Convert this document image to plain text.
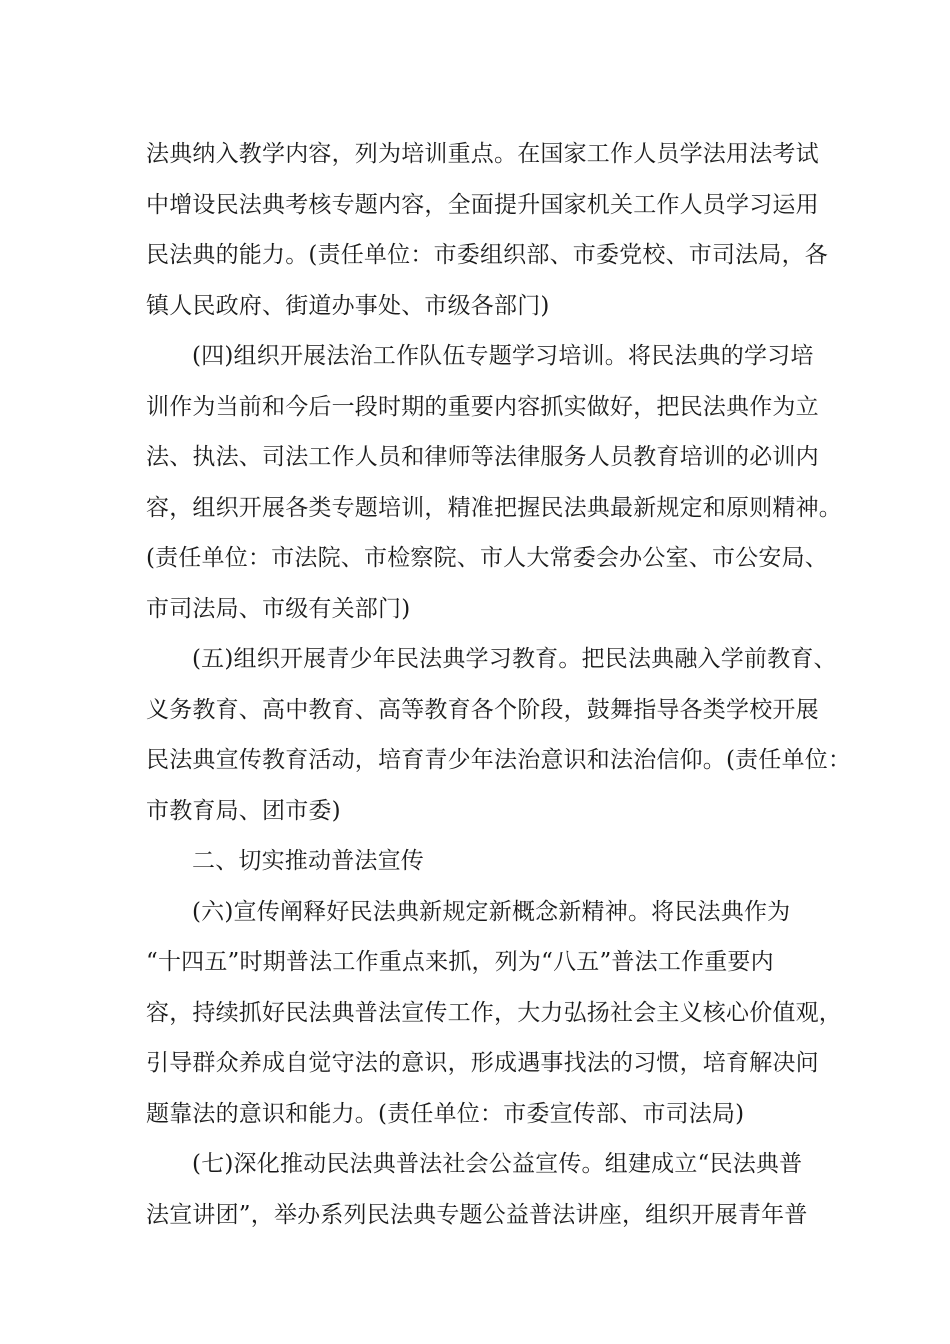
法典纳入教学内容，列为培训重点。在国家工作人员学法用法考试
中增设民法典考核专题内容，全面提升国家机关工作人员学习运用
民法典的能力。(责任单位：市委组织部、市委党校、市司法局，各
镇人民政府、街道办事处、市级各部门)
(四)组织开展法治工作队伍专题学习培训。将民法典的学习培
训作为当前和今后一段时期的重要内容抓实做好，把民法典作为立
法、执法、司法工作人员和律师等法律服务人员教育培训的必训内
容，组织开展各类专题培训，精准把握民法典最新规定和原则精神。
(责任单位：市法院、市检察院、市人大常委会办公室、市公安局、
市司法局、市级有关部门)
(五)组织开展青少年民法典学习教育。把民法典融入学前教育、
义务教育、高中教育、高等教育各个阶段，鼓舞指导各类学校开展
民法典宣传教育活动，培育青少年法治意识和法治信仰。(责任单位：
市教育局、团市委)
二、切实推动普法宣传
(六)宣传阐释好民法典新规定新概念新精神。将民法典作为
“十四五”时期普法工作重点来抓，列为“八五”普法工作重要内
容，持续抓好民法典普法宣传工作，大力弘扬社会主义核心价值观，
引导群众养成自觉守法的意识，形成遇事找法的习惯，培育解决问
题靠法的意识和能力。(责任单位：市委宣传部、市司法局)
(七)深化推动民法典普法社会公益宣传。组建成立“民法典普
法宣讲团”，举办系列民法典专题公益普法讲座，组织开展青年普
